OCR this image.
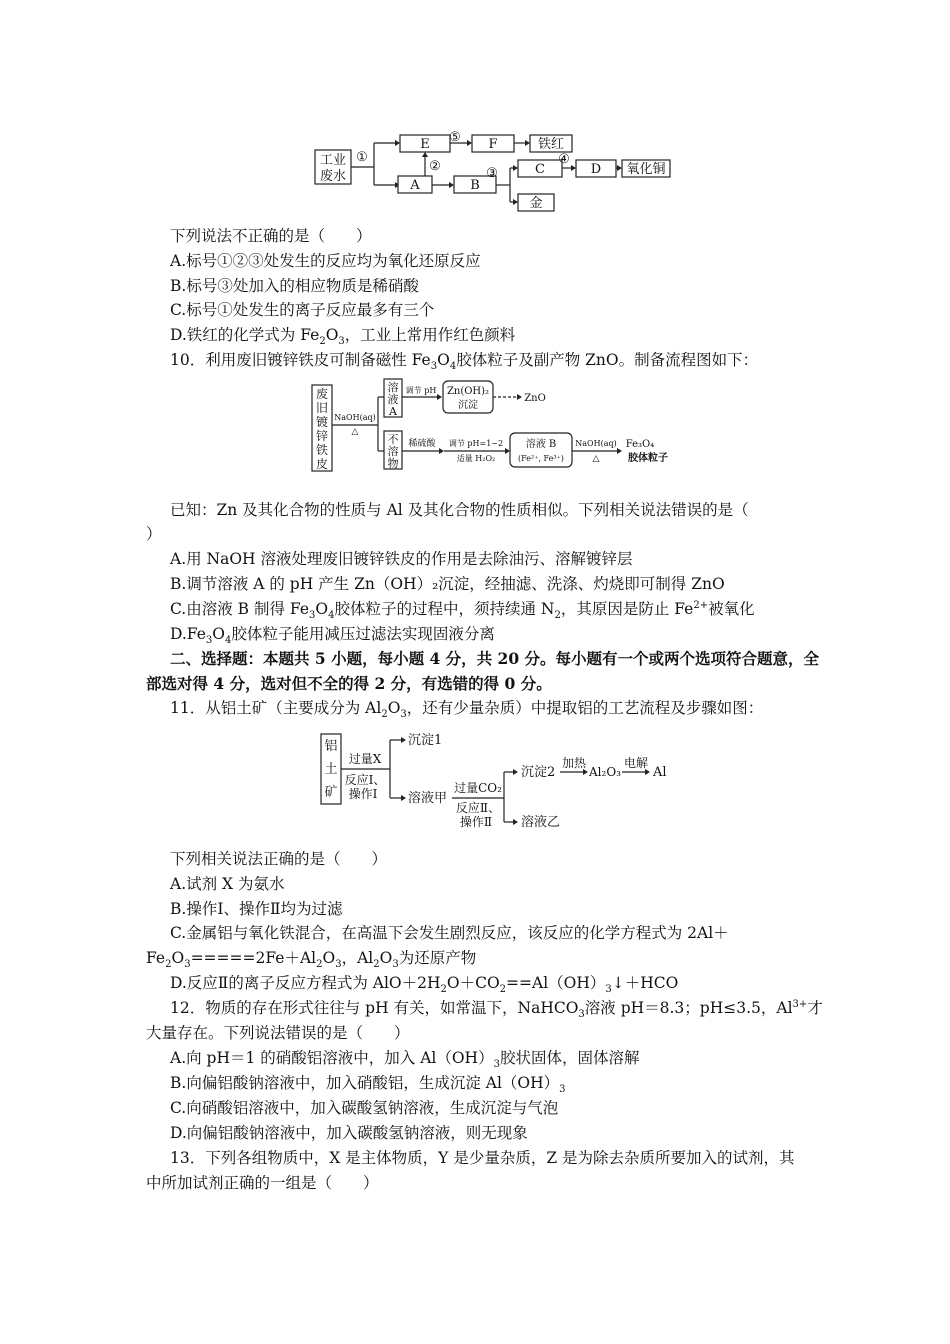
工业
废水
①
E ⑤ F	铁红
A
②
B
③	C
④
D 氧化铜
金
下列说法不正确的是（　　）
A.标号①②③处发生的反应均为氧化还原反应
B.标号③处加入的相应物质是稀硝酸
C.标号①处发生的离子反应最多有三个
D.铁红的化学式为 $Fe_2O_3$，工业上常用作红色颜料
10．利用废旧镀锌铁皮可制备磁性 $Fe_3O_4$胶体粒子及副产物 ZnO。制备流程图如下：
废
旧
镀
锌
铁
皮
NaOH(aq)
△
溶
液
A
调节 pH Zn(OH)₂
沉淀
ZnO
不
溶
物
稀硫酸 调节 pH=1~2
适量 H₂O₂
溶液 B
(Fe²⁺, Fe³⁺)
NaOH(aq)
△
Fe₃O₄
胶体粒子
已知：Zn 及其化合物的性质与 Al 及其化合物的性质相似。下列相关说法错误的是（
）
A.用 NaOH 溶液处理废旧镀锌铁皮的作用是去除油污、溶解镀锌层
B.调节溶液 A 的 pH 产生 Zn（OH）₂沉淀，经抽滤、洗涤、灼烧即可制得 ZnO
C.由溶液 B 制得 $Fe_3O_4$胶体粒子的过程中，须持续通 $N_2$，其原因是防止 $Fe^{2+}$被氧化
$D.Fe_3O_4$胶体粒子能用减压过滤法实现固液分离
二、选择题：本题共 5 小题，每小题 4 分，共 20 分。每小题有一个或两个选项符合题意，全
部选对得 4 分，选对但不全的得 2 分，有选错的得 0 分。
11．从铝土矿（主要成分为 $Al_2O_3$，还有少量杂质）中提取铝的工艺流程及步骤如图：
铝
土
矿
过量X
反应Ⅰ、
操作Ⅰ
沉淀1
溶液甲
过量CO₂
反应Ⅱ、
操作Ⅱ
沉淀2
加热
Al₂O₃
电解
Al
溶液乙
下列相关说法正确的是（　　）
A.试剂 X 为氨水
B.操作Ⅰ、操作Ⅱ均为过滤
C.金属铝与氧化铁混合，在高温下会发生剧烈反应，该反应的化学方程式为 2Al＋
$Fe_2O_3=====2Fe+Al_2O_3$，$Al_2O_3$为还原产物
D.反应Ⅱ的离子反应方程式为 $AlO+2H_2O+CO_2==Al(OH)_3↓+HCO$
12．物质的存在形式往往与 pH 有关，如常温下，NaHCO$_3$溶液 pH＝8.3；pH≤3.5，$Al^{3+}$才
大量存在。下列说法错误的是（　　）
A.向 pH＝1 的硝酸铝溶液中，加入 $Al(OH)_3$胶状固体，固体溶解
B.向偏铝酸钠溶液中，加入硝酸铝，生成沉淀 $Al(OH)_3$
C.向硝酸铝溶液中，加入碳酸氢钠溶液，生成沉淀与气泡
D.向偏铝酸钠溶液中，加入碳酸氢钠溶液，则无现象
13．下列各组物质中，X 是主体物质，Y 是少量杂质，Z 是为除去杂质所要加入的试剂，其
中所加试剂正确的一组是（　　）
